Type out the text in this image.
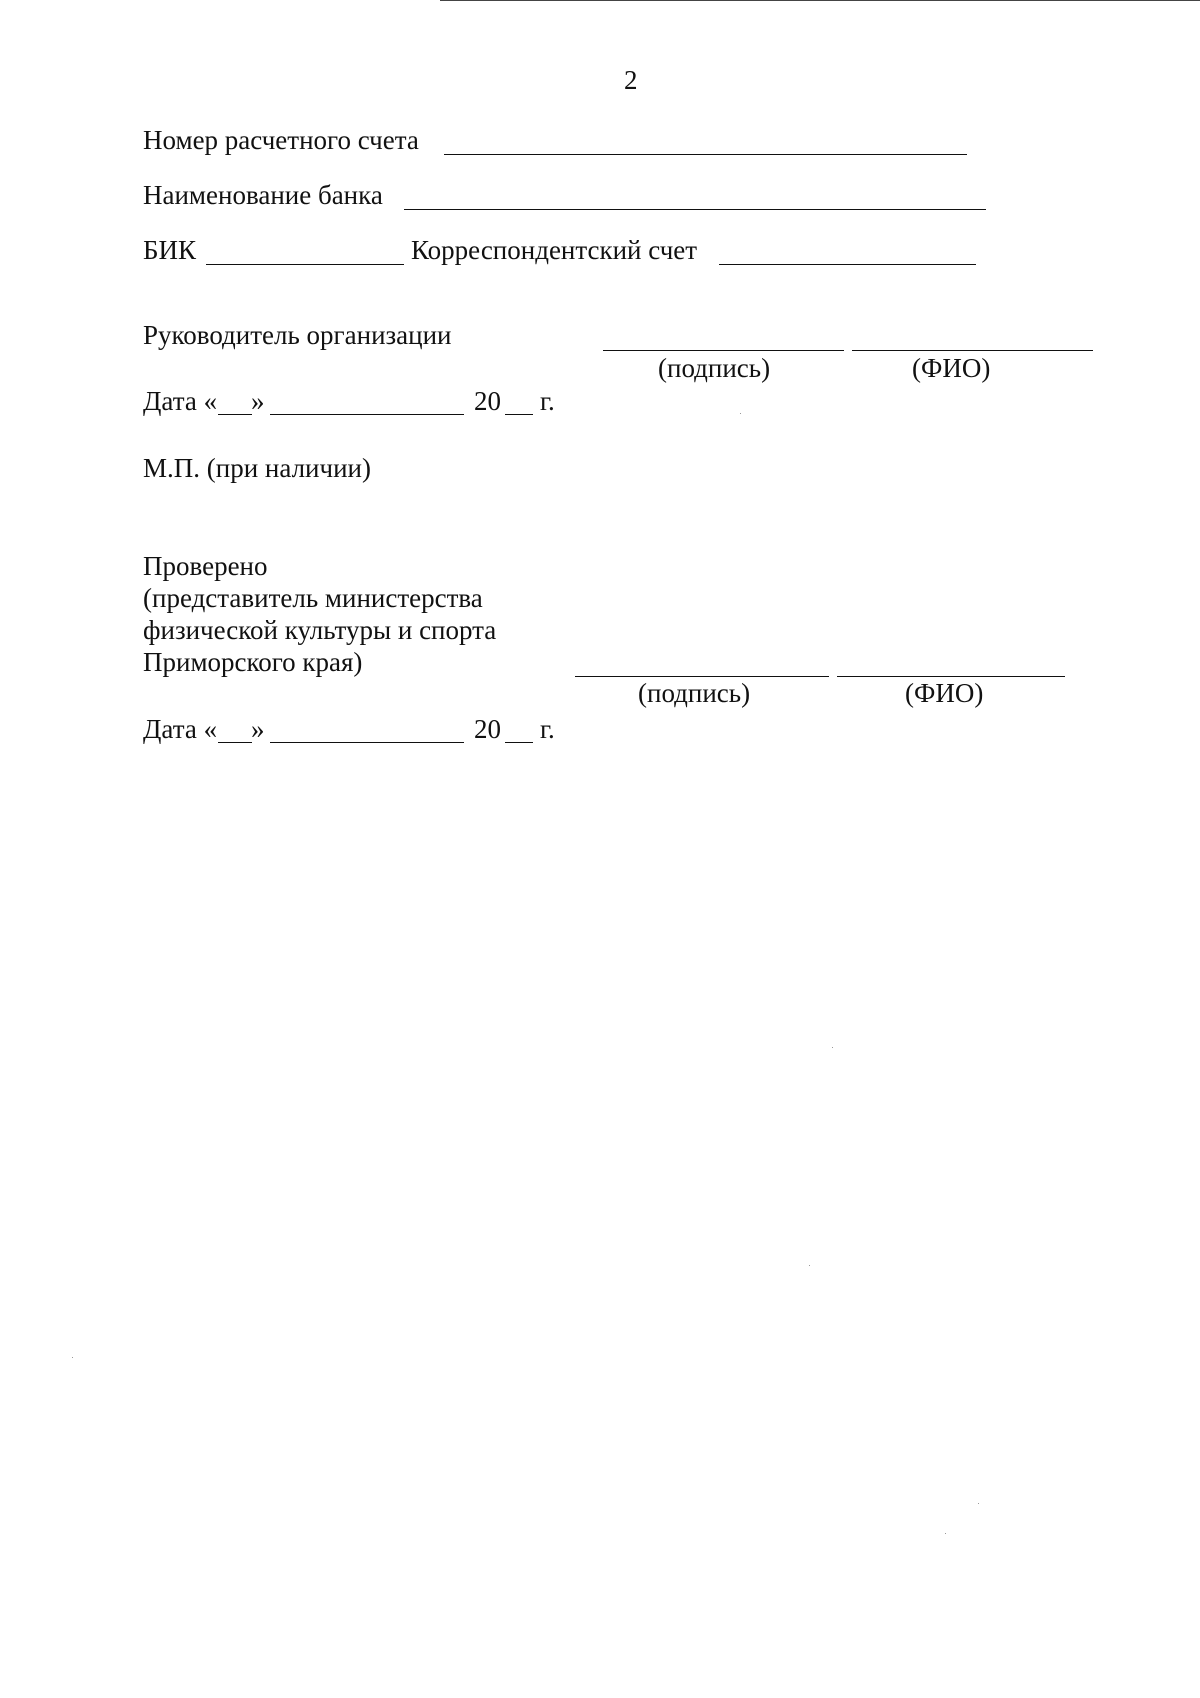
2
Номер расчетного счета
Наименование банка
БИК	Корреспондентский счет
Руководитель организации
(подпись)	(ФИО)
Дата « »	20 г.
М.П. (при наличии)
Проверено
(представитель министерства
физической культуры и спорта
Приморского края)
(подпись)	(ФИО)
Дата « »	20 г.
